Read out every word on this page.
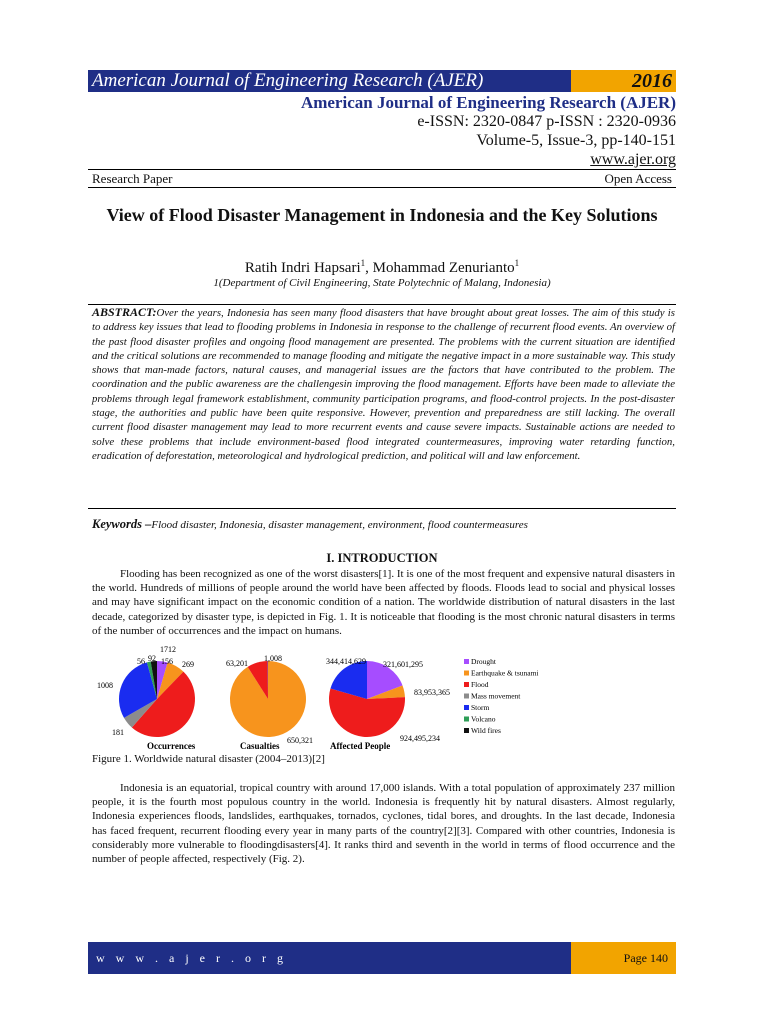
American Journal of Engineering Research (AJER)	2016
American Journal of Engineering Research (AJER)
e-ISSN: 2320-0847 p-ISSN : 2320-0936
Volume-5, Issue-3, pp-140-151
www.ajer.org
Research Paper	Open Access
View of Flood Disaster Management in Indonesia and the Key Solutions
Ratih Indri Hapsari$^1$, Mohammad Zenurianto$^1$
1(Department of Civil Engineering, State Polytechnic of Malang, Indonesia)
ABSTRACT:Over the years, Indonesia has seen many flood disasters that have brought about great losses. The aim of this study is to address key issues that lead to flooding problems in Indonesia in response to the challenge of recurrent flood events. An overview of the past flood disaster profiles and ongoing flood management are presented. The problems with the current situation are identified and the critical solutions are recommended to manage flooding and mitigate the negative impact in a more sustainable way. This study shows that man-made factors, natural causes, and managerial issues are the factors that have contributed to the problem. The coordination and the public awareness are the challengesin improving the flood management. Efforts have been made to alleviate the problems through legal framework establishment, community participation programs, and flood-control projects. In the post-disaster stage, the authorities and public have been quite responsive. However, prevention and preparedness are still lacking. The overall current flood disaster management may lead to more recurrent events and cause severe impacts. Sustainable actions are needed to solve these problems that include environment-based flood integrated countermeasures, improving water retarding function, eradication of deforestation, meteorological and hydrological prediction, and political will and law enforcement.
Keywords –Flood disaster, Indonesia, disaster management, environment, flood countermeasures
I. INTRODUCTION
Flooding has been recognized as one of the worst disasters[1]. It is one of the most frequent and expensive natural disasters in the world. Hundreds of millions of people around the world have been affected by floods. Floods lead to social and physical losses and may have significant impact on the economic condition of a nation. The worldwide distribution of natural disasters in the last decade, categorized by disaster type, is depicted in Fig. 1. It is noticeable that flooding is the most chronic natural disasters in terms of the number of occurrences and the impact on humans.
156 269
1712
181
1008
56 92
Occurrences
650,321
63,201
1,008
Casualties
321,601,295
83,953,365
924,495,234
344,414,629
Affected People
Drought
Earthquake & tsunami
Flood
Mass movement
Storm
Volcano
Wild fires
Figure 1. Worldwide natural disaster (2004–2013)[2]
Indonesia is an equatorial, tropical country with around 17,000 islands. With a total population of approximately 237 million people, it is the fourth most populous country in the world. Indonesia is frequently hit by natural disasters. Almost regularly, Indonesia experiences floods, landslides, earthquakes, tornados, cyclones, tidal bores, and droughts. In the last decade, Indonesia has faced frequent, recurrent flooding every year in many parts of the country[2][3]. Compared with other countries, Indonesia is considerably more vulnerable to floodingdisasters[4]. It ranks third and seventh in the world in terms of flood occurrence and the number of people affected, respectively (Fig. 2).
w w w . a j e r . o r g	Page 140
